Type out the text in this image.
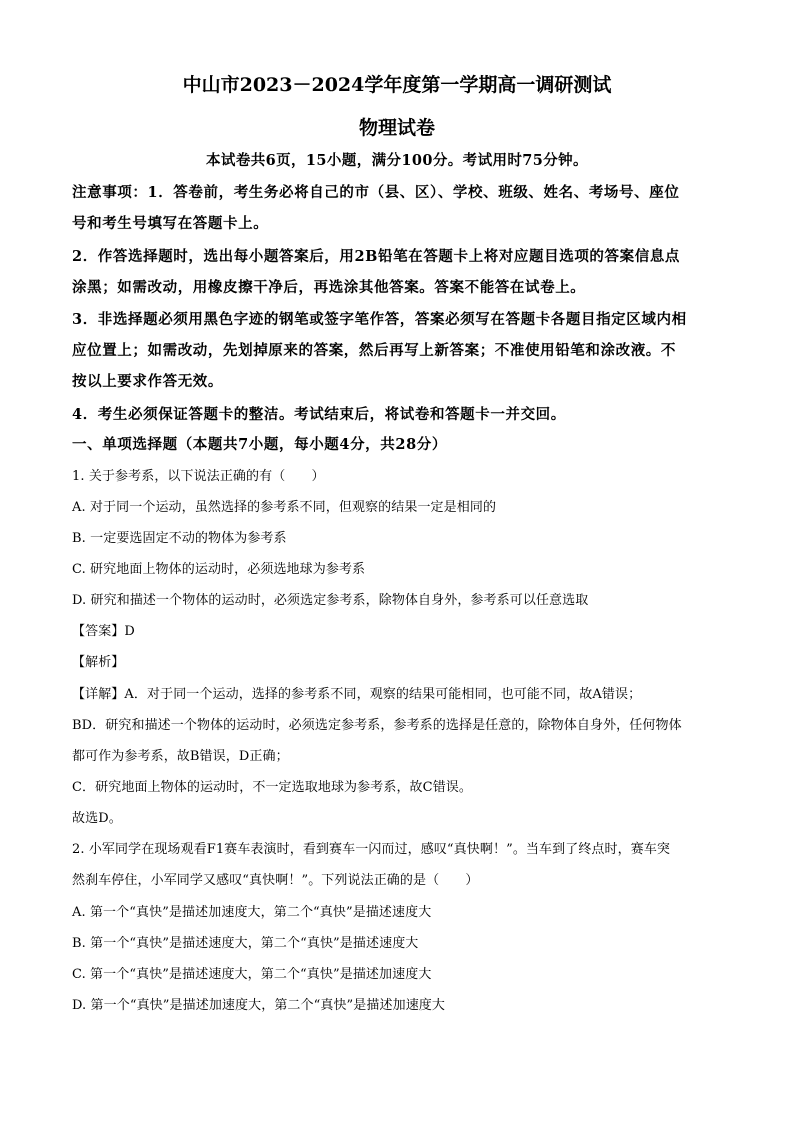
中山市2023－2024学年度第一学期高一调研测试
物理试卷
本试卷共6页，15小题，满分100分。考试用时75分钟。
注意事项：1．答卷前，考生务必将自己的市（县、区）、学校、班级、姓名、考场号、座位
号和考生号填写在答题卡上。
2．作答选择题时，选出每小题答案后，用2B铅笔在答题卡上将对应题目选项的答案信息点
涂黑；如需改动，用橡皮擦干净后，再选涂其他答案。答案不能答在试卷上。
3．非选择题必须用黑色字迹的钢笔或签字笔作答，答案必须写在答题卡各题目指定区域内相
应位置上；如需改动，先划掉原来的答案，然后再写上新答案；不准使用铅笔和涂改液。不
按以上要求作答无效。
4．考生必须保证答题卡的整洁。考试结束后，将试卷和答题卡一并交回。
一、单项选择题（本题共7小题，每小题4分，共28分）
1. 关于参考系，以下说法正确的有（　　）
A. 对于同一个运动，虽然选择的参考系不同，但观察的结果一定是相同的
B. 一定要选固定不动的物体为参考系
C. 研究地面上物体的运动时，必须选地球为参考系
D. 研究和描述一个物体的运动时，必须选定参考系，除物体自身外，参考系可以任意选取
【答案】D
【解析】
【详解】A．对于同一个运动，选择的参考系不同，观察的结果可能相同，也可能不同，故A错误；
BD．研究和描述一个物体的运动时，必须选定参考系，参考系的选择是任意的，除物体自身外，任何物体
都可作为参考系，故B错误，D正确；
C．研究地面上物体的运动时，不一定选取地球为参考系，故C错误。
故选D。
2. 小军同学在现场观看F1赛车表演时，看到赛车一闪而过，感叹“真快啊！”。当车到了终点时，赛车突
然刹车停住，小军同学又感叹“真快啊！”。下列说法正确的是（　　）
A. 第一个“真快”是描述加速度大，第二个“真快”是描述速度大
B. 第一个“真快”是描述速度大，第二个“真快”是描述速度大
C. 第一个“真快”是描述速度大，第二个“真快”是描述加速度大
D. 第一个“真快”是描述加速度大，第二个“真快”是描述加速度大
